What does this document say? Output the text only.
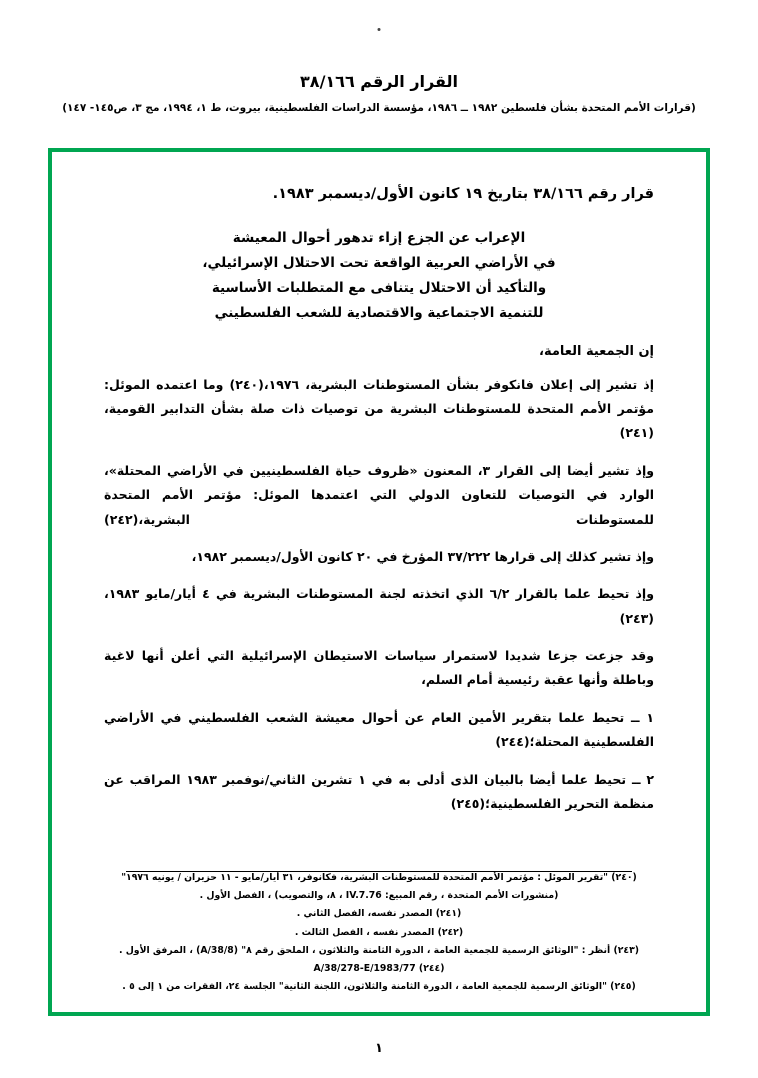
القرار الرقم ٣٨/١٦٦
(قرارات الأمم المتحدة بشأن فلسطين ١٩٨٢ ــ ١٩٨٦، مؤسسة الدراسات الفلسطينية، بيروت، ط ١، ١٩٩٤، مج ٣، ص١٤٥- ١٤٧)
قرار رقم ٣٨/١٦٦ بتاريخ ١٩ كانون الأول/ديسمبر ١٩٨٣.
الإعراب عن الجزع إزاء تدهور أحوال المعيشة
في الأراضي العربية الواقعة تحت الاحتلال الإسرائيلي،
والتأكيد أن الاحتلال يتنافى مع المتطلبات الأساسية
للتنمية الاجتماعية والاقتصادية للشعب الفلسطيني
إن الجمعية العامة،

إذ تشير إلى إعلان فانكوفر بشأن المستوطنات البشرية، ١٩٧٦،(٢٤٠) وما اعتمده الموئل: مؤتمر الأمم المتحدة للمستوطنات البشرية من توصيات ذات صلة بشأن التدابير القومية،(٢٤١)

وإذ تشير أيضا إلى القرار ٣، المعنون «ظروف حياة الفلسطينيين في الأراضي المحتلة»، الوارد في التوصيات للتعاون الدولي التي اعتمدها الموئل: مؤتمر الأمم المتحدة للمستوطنات البشرية،(٢٤٢)

وإذ تشير كذلك إلى قرارها ٣٧/٢٢٢ المؤرخ في ٢٠ كانون الأول/ديسمبر ١٩٨٢،

وإذ تحيط علما بالقرار ٦/٢ الذي اتخذته لجنة المستوطنات البشرية في ٤ أيار/مايو ١٩٨٣،(٢٤٣)

وقد جزعت جزعا شديدا لاستمرار سياسات الاستيطان الإسرائيلية التي أعلن أنها لاغية وباطلة وأنها عقبة رئيسية أمام السلم،

١ ــ تحيط علما بتقرير الأمين العام عن أحوال معيشة الشعب الفلسطيني في الأراضي الفلسطينية المحتلة؛(٢٤٤)

٢ ــ تحيط علما أيضا بالبيان الذى أدلى به في ١ تشرين الثاني/نوفمبر ١٩٨٣ المراقب عن منظمة التحرير الفلسطينية؛(٢٤٥)

(٢٤٠) "تقرير الموئل : مؤتمر الأمم المتحدة للمستوطنات البشرية، فكانوفر، ٣١ أيار/مايو - ١١ حزيران / يونيه ١٩٧٦"
(منشورات الأمم المتحدة ، رقم المبيع: 76.IV.7 ، ٨، والتصويب) ، الفصل الأول .
(٢٤١) المصدر نفسه، الفصل الثاني .
(٢٤٢) المصدر نفسه ، الفصل الثالث .
(٢٤٣) أنظر : "الوثائق الرسمية للجمعية العامة ، الدورة الثامنة والثلاثون ، الملحق رقم ٨" (A/38/8) ، المرفق الأول .
(٢٤٤) A/38/278-E/1983/77
(٢٤٥) "الوثائق الرسمية للجمعية العامة ، الدورة الثامنة والثلاثون، اللجنة الثانية" الجلسة ٢٤، الفقرات من ١ إلى ٥ .
١
